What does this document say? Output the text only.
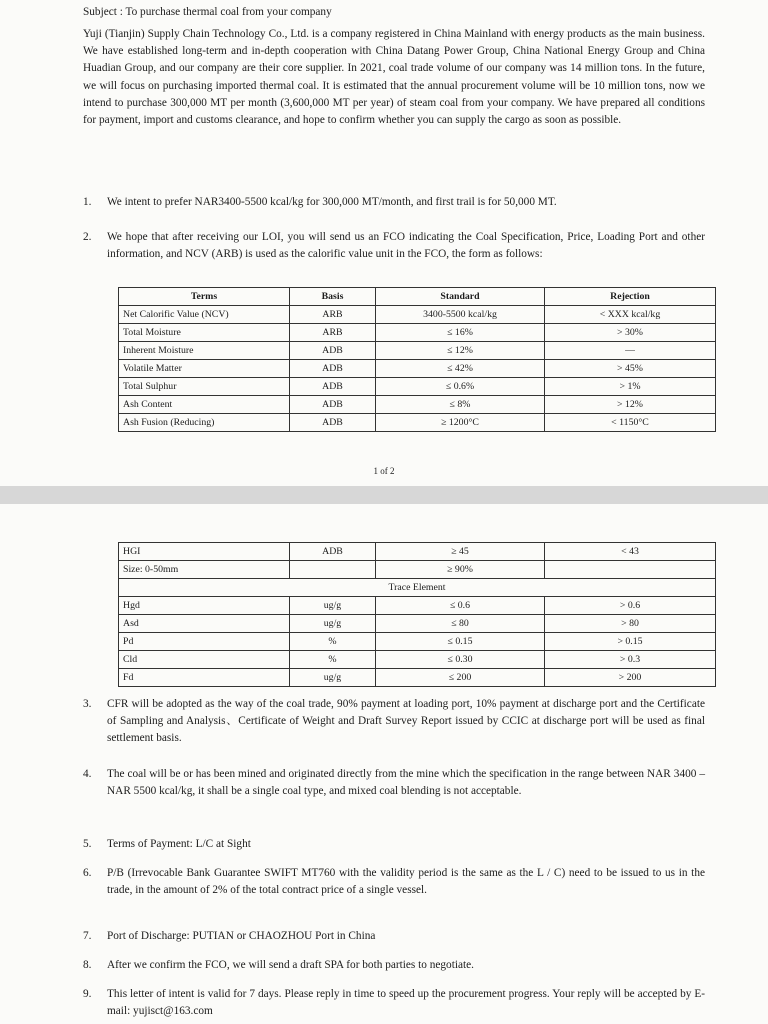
Subject : To purchase thermal coal from your company
Yuji (Tianjin) Supply Chain Technology Co., Ltd. is a company registered in China Mainland with energy products as the main business. We have established long-term and in-depth cooperation with China Datang Power Group, China National Energy Group and China Huadian Group, and our company are their core supplier. In 2021, coal trade volume of our company was 14 million tons. In the future, we will focus on purchasing imported thermal coal. It is estimated that the annual procurement volume will be 10 million tons, now we intend to purchase 300,000 MT per month (3,600,000 MT per year) of steam coal from your company. We have prepared all conditions for payment, import and customs clearance, and hope to confirm whether you can supply the cargo as soon as possible.
1.	We intent to prefer NAR3400-5500 kcal/kg for 300,000 MT/month, and first trail is for 50,000 MT.
2.	We hope that after receiving our LOI, you will send us an FCO indicating the Coal Specification, Price, Loading Port and other information, and NCV (ARB) is used as the calorific value unit in the FCO, the form as follows:
Terms	Basis	Standard	Rejection
Net Calorific Value (NCV)	ARB	3400-5500 kcal/kg	< XXX kcal/kg
Total Moisture	ARB	≤ 16%	> 30%
Inherent Moisture	ADB	≤ 12%	—
Volatile Matter	ADB	≤ 42%	> 45%
Total Sulphur	ADB	≤ 0.6%	> 1%
Ash Content	ADB	≤ 8%	> 12%
Ash Fusion (Reducing)	ADB	≥ 1200°C	< 1150°C
1 of 2
HGI	ADB	≥ 45	< 43
Size: 0-50mm		≥ 90%	
Trace Element			
Hgd	ug/g	≤ 0.6	> 0.6
Asd	ug/g	≤ 80	> 80
Pd	%	≤ 0.15	> 0.15
Cld	%	≤ 0.30	> 0.3
Fd	ug/g	≤ 200	> 200
3.	CFR will be adopted as the way of the coal trade, 90% payment at loading port, 10% payment at discharge port and the Certificate of Sampling and Analysis、Certificate of Weight and Draft Survey Report issued by CCIC at discharge port will be used as final settlement basis.
4.	The coal will be or has been mined and originated directly from the mine which the specification in the range between NAR 3400 – NAR 5500 kcal/kg, it shall be a single coal type, and mixed coal blending is not acceptable.
5.	Terms of Payment: L/C at Sight
6.	P/B (Irrevocable Bank Guarantee SWIFT MT760 with the validity period is the same as the L / C) need to be issued to us in the trade, in the amount of 2% of the total contract price of a single vessel.
7.	Port of Discharge: PUTIAN or CHAOZHOU Port in China
8.	After we confirm the FCO, we will send a draft SPA for both parties to negotiate.
9.	This letter of intent is valid for 7 days. Please reply in time to speed up the procurement progress. Your reply will be accepted by E-mail: yujisct@163.com
